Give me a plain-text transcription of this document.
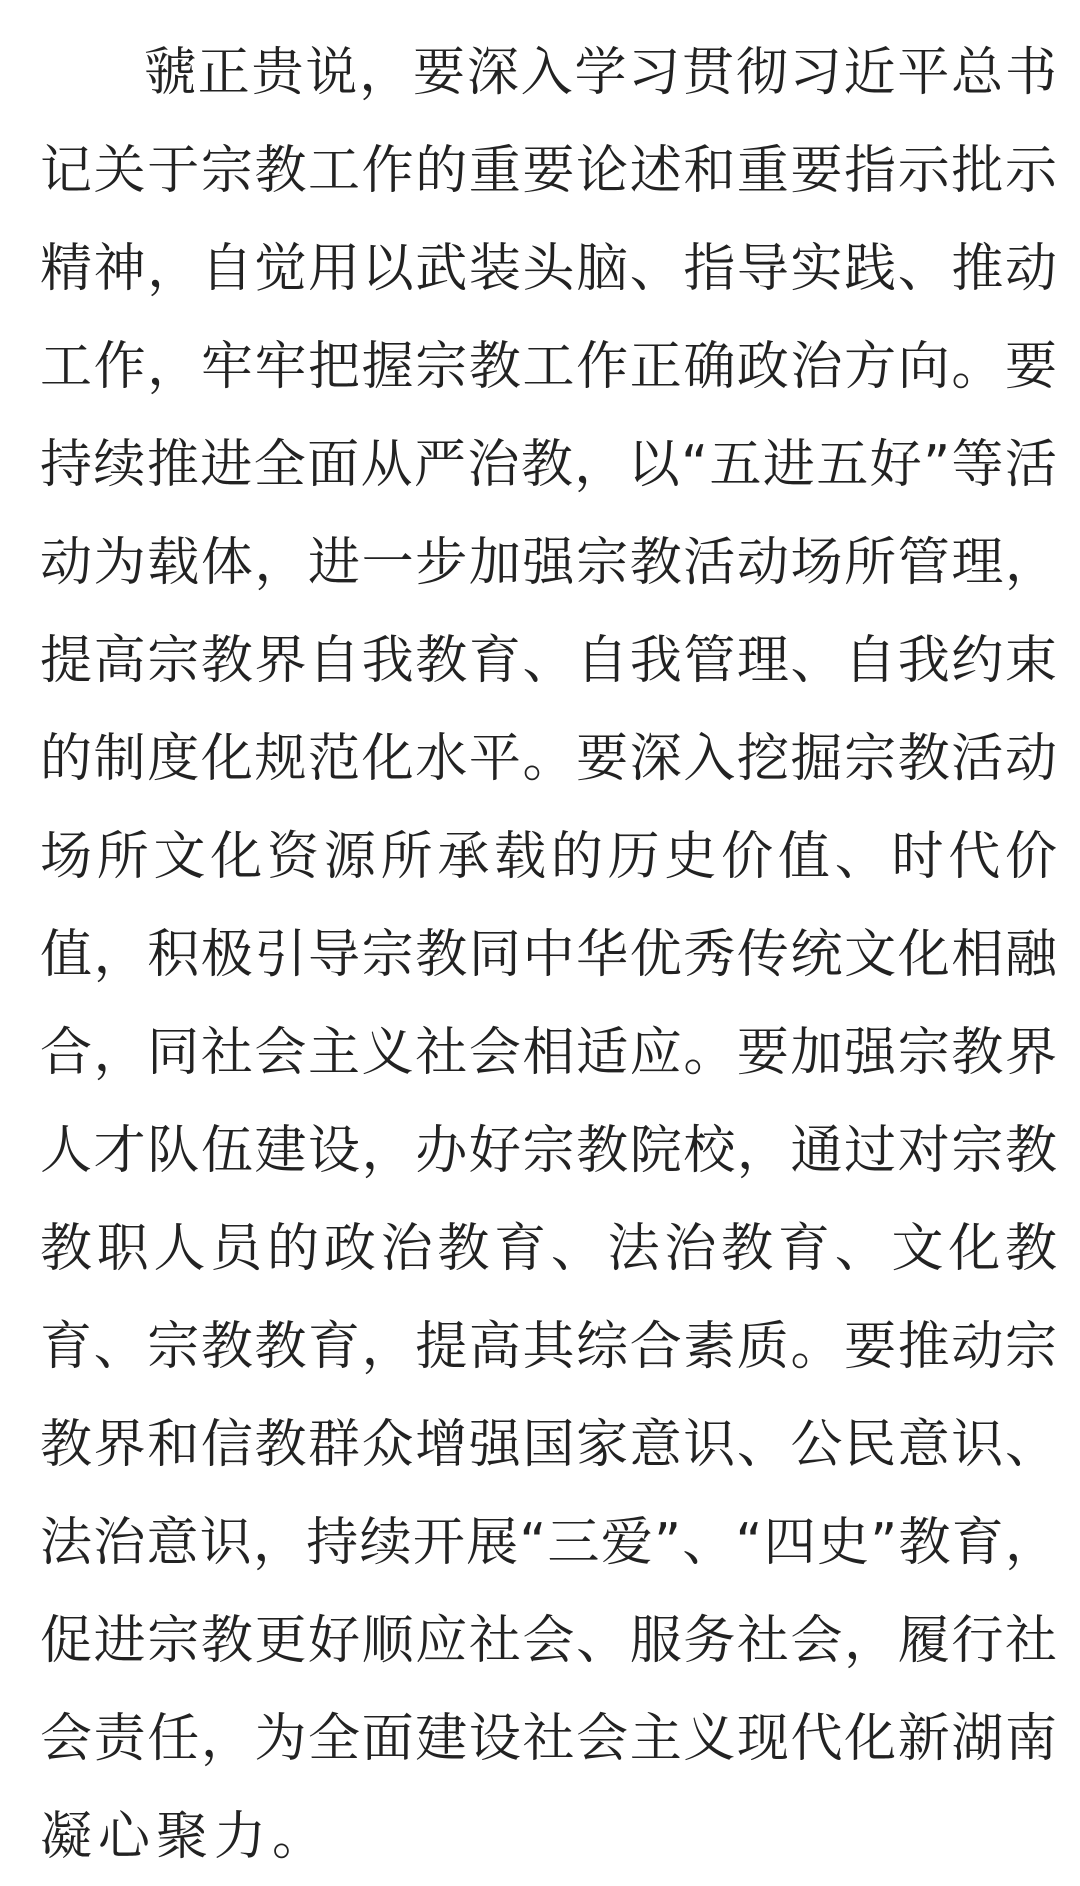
虢正贵说，要深入学习贯彻习近平总书
记关于宗教工作的重要论述和重要指示批示
精神，自觉用以武装头脑、指导实践、推动
工作，牢牢把握宗教工作正确政治方向。要
持续推进全面从严治教，以“五进五好”等活
动为载体，进一步加强宗教活动场所管理，
提高宗教界自我教育、自我管理、自我约束
的制度化规范化水平。要深入挖掘宗教活动
场所文化资源所承载的历史价值、时代价
值，积极引导宗教同中华优秀传统文化相融
合，同社会主义社会相适应。要加强宗教界
人才队伍建设，办好宗教院校，通过对宗教
教职人员的政治教育、法治教育、文化教
育、宗教教育，提高其综合素质。要推动宗
教界和信教群众增强国家意识、公民意识、
法治意识，持续开展“三爱”、“四史”教育，
促进宗教更好顺应社会、服务社会，履行社
会责任，为全面建设社会主义现代化新湖南
凝心聚力。
